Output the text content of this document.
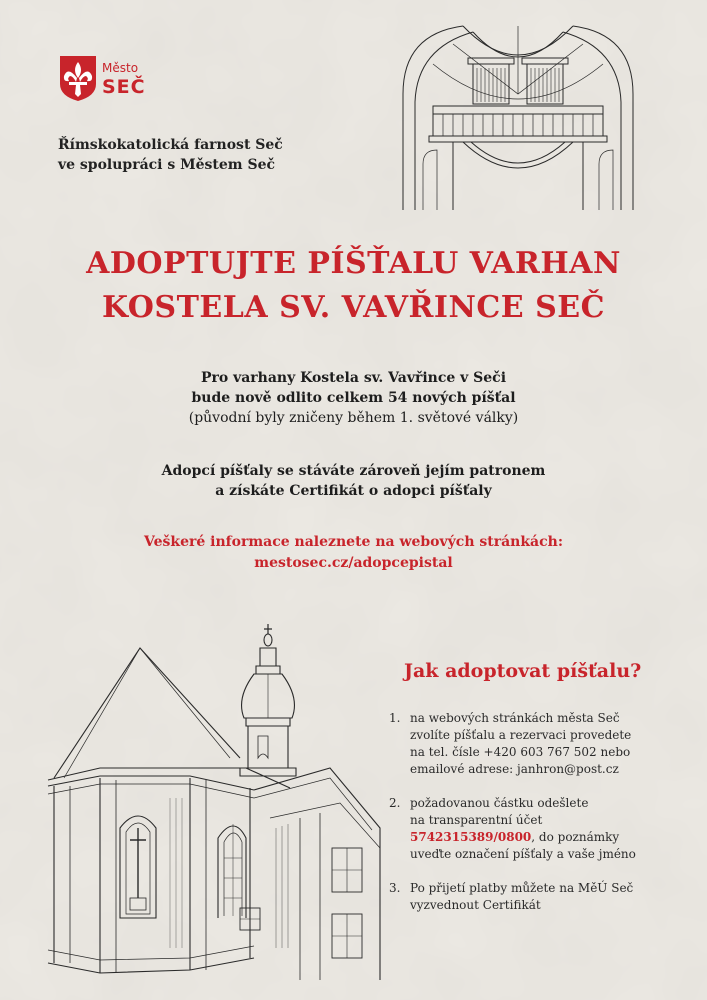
Město
SEČ
Římskokatolická farnost Seč
ve spolupráci s Městem Seč
ADOPTUJTE PÍŠŤALU VARHAN
KOSTELA SV. VAVŘINCE SEČ
Pro varhany Kostela sv. Vavřince v Seči
bude nově odlito celkem 54 nových píšťal
(původní byly zničeny během 1. světové války)
Adopcí píšťaly se stáváte zároveň jejím patronem
a získáte Certifikát o adopci píšťaly
Veškeré informace naleznete na webových stránkách:
mestosec.cz/adopcepistal
Jak adoptovat píšťalu?
1. na webových stránkách města Seč
zvolíte píšťalu a rezervaci provedete
na tel. čísle +420 603 767 502 nebo
emailové adrese: janhron@post.cz
2. požadovanou částku odešlete
na transparentní účet
5742315389/0800, do poznámky
uveďte označení píšťaly a vaše jméno
3. Po přijetí platby můžete na MěÚ Seč
vyzvednout Certifikát
